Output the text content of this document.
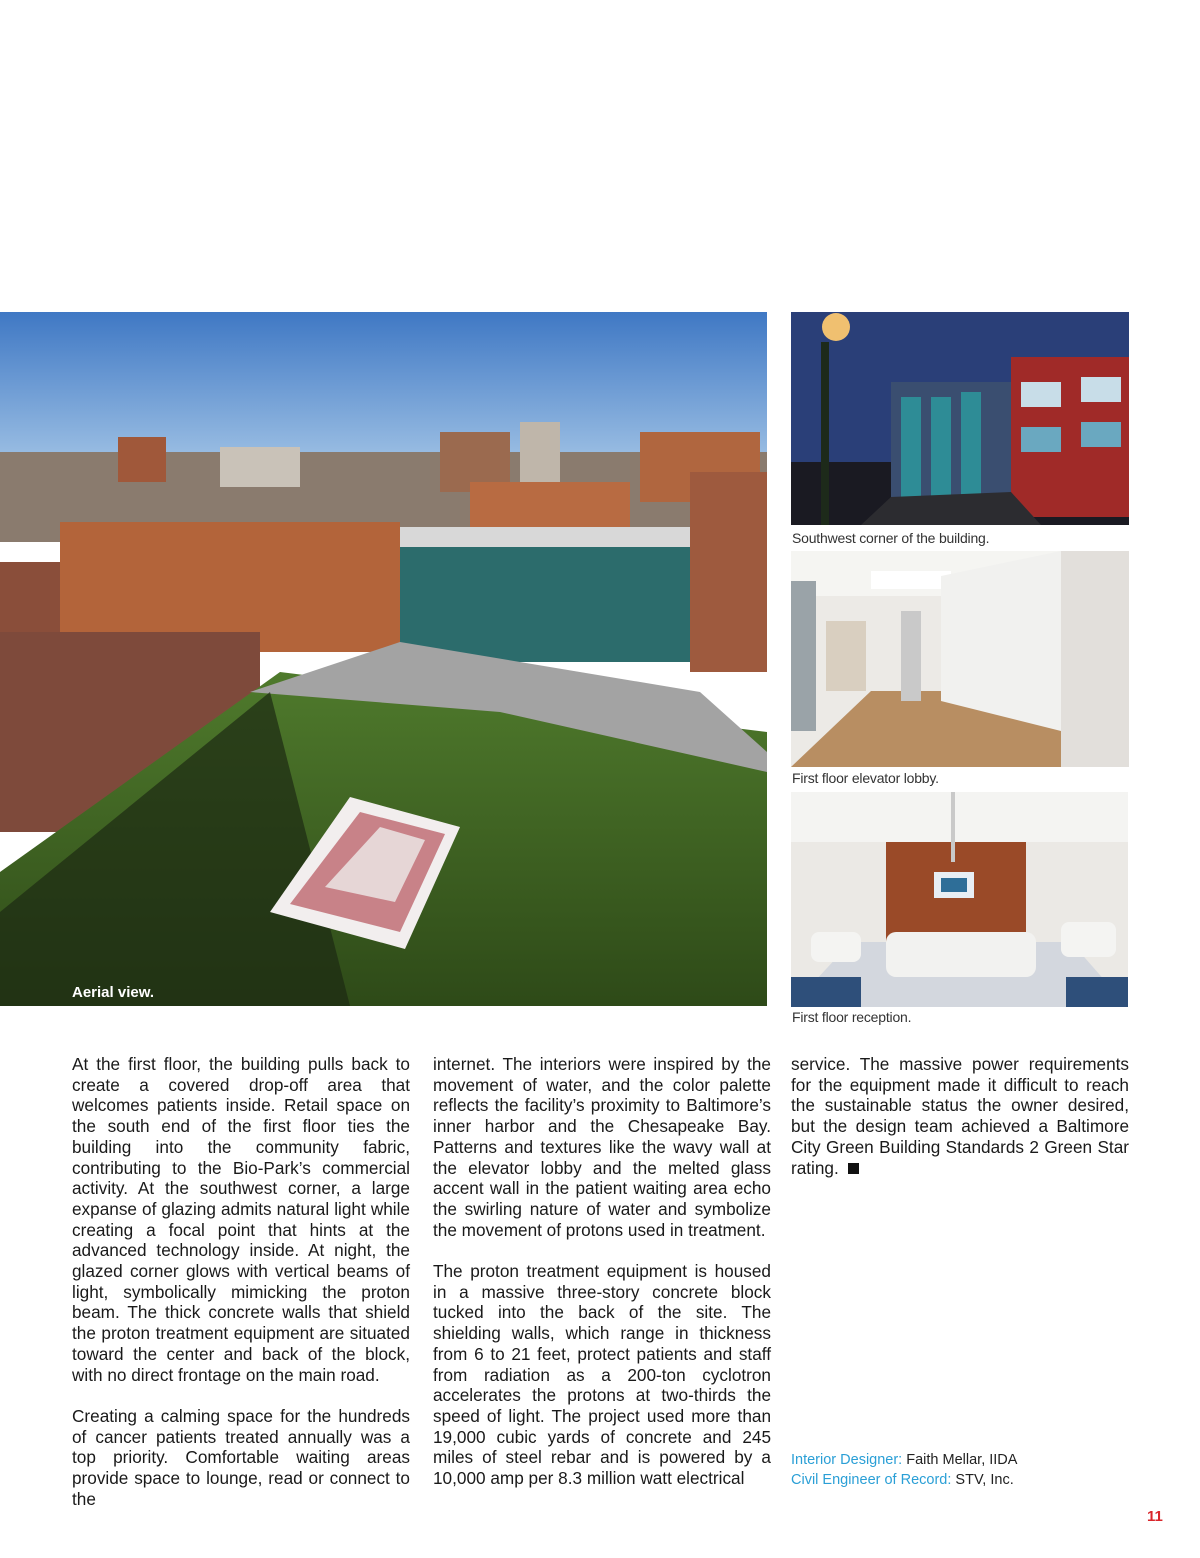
Aerial view.
Southwest corner of the building.
First floor elevator lobby.
First floor reception.

At the first floor, the building pulls back to create a covered drop-off area that welcomes patients inside. Retail space on the south end of the first floor ties the building into the community fabric, contributing to the Bio-Park’s commercial activity. At the southwest corner, a large expanse of glazing admits natural light while creating a focal point that hints at the advanced technology inside. At night, the glazed corner glows with vertical beams of light, symbolically mimicking the proton beam. The thick concrete walls that shield the proton treatment equipment are situated toward the center and back of the block, with no direct frontage on the main road.

Creating a calming space for the hundreds of cancer patients treated annually was a top priority. Comfortable waiting areas provide space to lounge, read or connect to the

internet. The interiors were inspired by the movement of water, and the color palette reflects the facility’s proximity to Baltimore’s inner harbor and the Chesapeake Bay. Patterns and textures like the wavy wall at the elevator lobby and the melted glass accent wall in the patient waiting area echo the swirling nature of water and symbolize the movement of protons used in treatment.

The proton treatment equipment is housed in a massive three-story concrete block tucked into the back of the site. The shielding walls, which range in thickness from 6 to 21 feet, protect patients and staff from radiation as a 200-ton cyclotron accelerates the protons at two-thirds the speed of light. The project used more than 19,000 cubic yards of concrete and 245 miles of steel rebar and is powered by a 10,000 amp per 8.3 million watt electrical

service. The massive power requirements for the equipment made it difficult to reach the sustainable status the owner desired, but the design team achieved a Baltimore City Green Building Standards 2 Green Star rating.

Interior Designer: Faith Mellar, IIDA
Civil Engineer of Record: STV, Inc.
11
